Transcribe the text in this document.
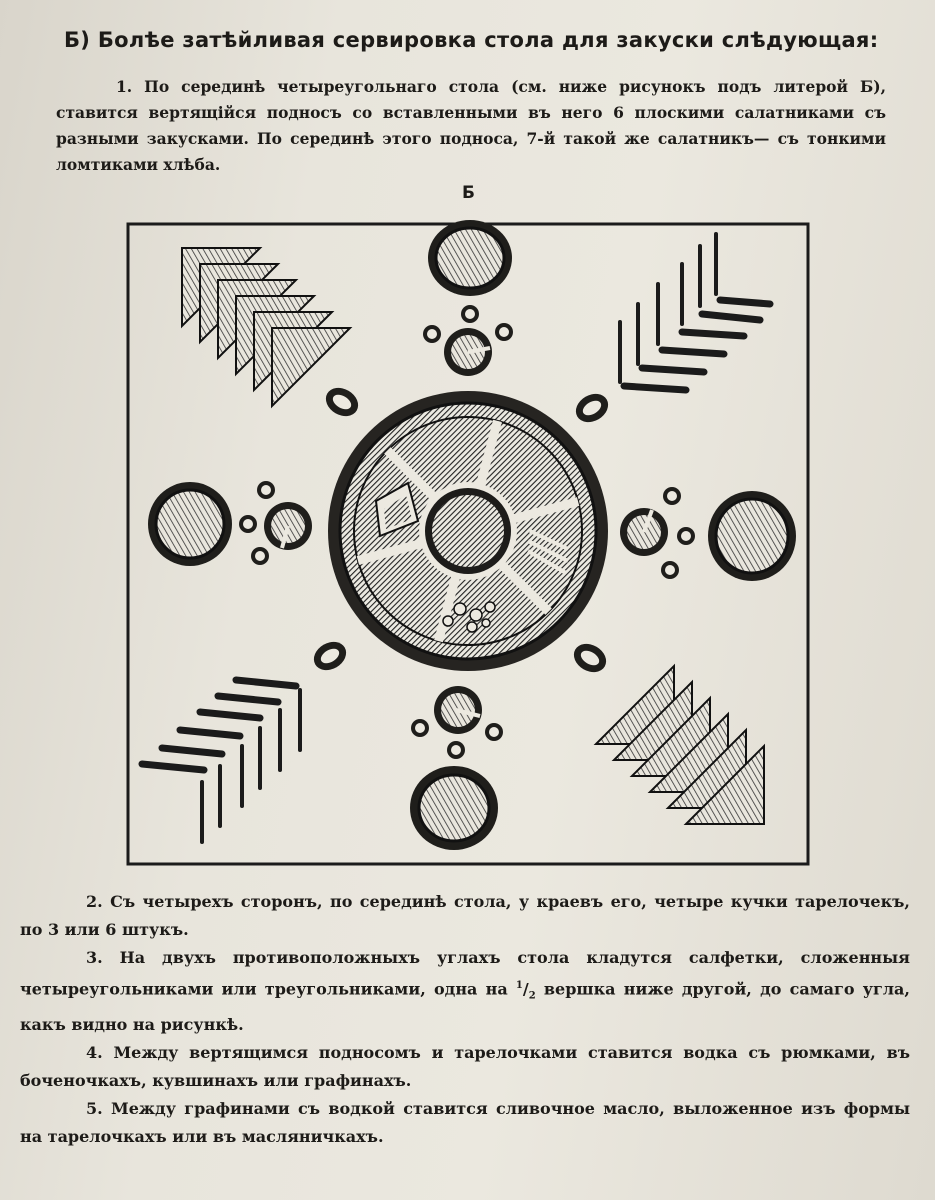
Б) Болѣе затѣйливая сервировка стола для закуски слѣдующая:

1. По серединѣ четыреугольнаго стола (см. ниже рисунокъ подъ литерой Б), ставится вертящійся подносъ со вставленными въ него 6 плоскими салатниками съ разными закусками. По серединѣ этого подноса, 7-й такой же салатникъ— съ тонкими ломтиками хлѣба.

Б

2. Съ четырехъ сторонъ, по серединѣ стола, у краевъ его, четыре кучки тарелочекъ, по 3 или 6 штукъ.

3. На двухъ противоположныхъ углахъ стола кладутся салфетки, сложенныя четыреугольниками или треугольниками, одна на $^1/_2$ вершка ниже другой, до самаго угла, какъ видно на рисункѣ.

4. Между вертящимся подносомъ и тарелочками ставится водка съ рюмками, въ боченочкахъ, кувшинахъ или графинахъ.

5. Между графинами съ водкой ставится сливочное масло, выложенное изъ формы на тарелочкахъ или въ масляничкахъ.
